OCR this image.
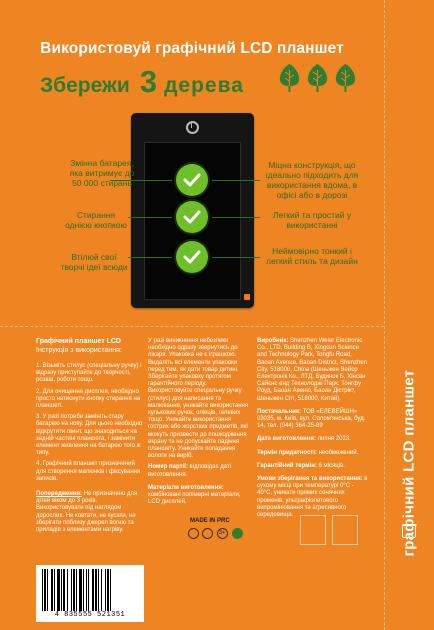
Використовуй графічний LCD планшет
Збережи 3 дерева
Змінна батарея, яка витримує до 50 000 стирань
Стирання однією кнопкою
Втілюй свої творчі ідеї всюди
Міцна конструкція, що ідеально підходить для використання вдома, в офісі або в дорозі
Легкий та простий у використанні
Неймовірно тонкий і легкий стиль та дизайн
Графічний планшет LCD
Інструкція з використання:
1. Візьміть стилус (спеціальну ручку) і відразу приступайте до творчості, розваг, роботи тощо.
2. Для очищення дисплея, необхідно просто натиснути кнопку стирання на планшеті.
3. У разі потреби замініть стару батарею на нову. Для цього необхідно відкрутити гвинт, що знаходиться на задній частині планшета, і замінити елемент живлення на батарею того ж типу.
4. Графічний планшет призначений для створення малюнків і фіксування записів.
Попередження: Не призначено для дітей віком до 3 років. Використовувати під наглядом дорослих. Не ковтати, не кусати, не зберігати поблизу джерел вогню та приладів з елементами нагріву.
У разі виникнення небезпеки необхідно одразу звернутись до лікаря. Упаковка не є іграшкою. Видаліть всі елементи упаковки перед тим, як дати товар дитині. Зберігайте упаковку протягом гарантійного періоду. Використовуйте спеціальну ручку (стилус) для написання та малювання, уникайте використання кулькових ручок, олівців, гелевих тощо. Уникайте використання гострих або жорстких предметів, які можуть призвести до пошкодження екрану та не допускайте падіння планшету. Уникайте попадання вологи на виріб.
Номер партії: відповідає даті виготовлення.
Матеріали виготовлення: комбіновані полімерні матеріали, LCD дисплей.
Виробник: Shenzhen Weier Electronic Co., LTD, Building B, Xingcun Science and Technology Park, Tongfu Road, Baoan Avenue, Baoan District, Shenzhen City, 518000, China (Шеньжен Вейєр Електронік Ко., ЛТД, Будинок Б, Хінсан Сайєнс енд Технолоджі Парк, Тонгфу Роуд, Баоан Авеню, Баоан Дістрікт, Шеньжен Сіті, 518000, Китай).
Постачальник: ТОВ «ЕЛЕВЕЙШН» 03035, м. Київ, вул. Солом'янська, буд. 14, тел. (044) 364-25-89
Дата виготовлення: липня 2023.
Термін придатності: необмежений.
Гарантійний термін: 6 місяців.
Умови зберігання та використання: в сухому місці при температурі 0°С - 40°С, уникати прямих сонячних променів, ультрафіолетового випромінювання та агресивного середовища.
MADE IN PRC
3+
4 835555 521351
графічний LCD планшет
